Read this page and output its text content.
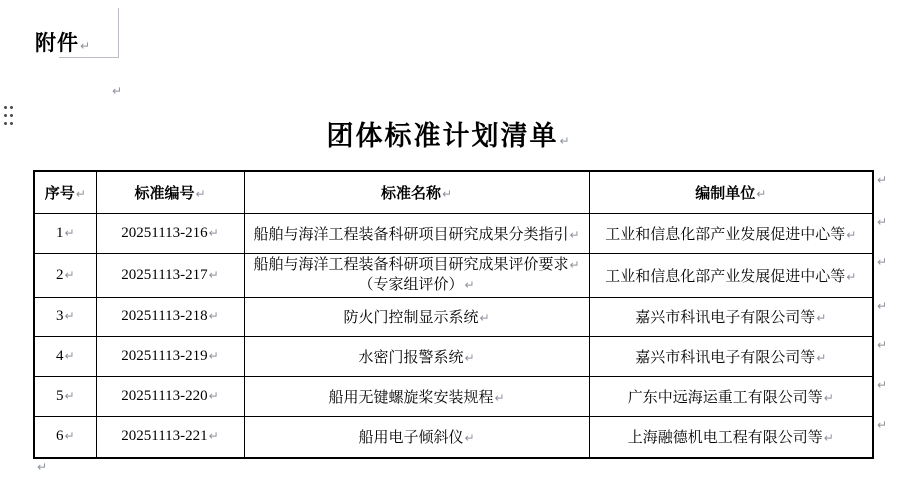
附件↵
↵
团体标准计划清单↵
序号↵	标准编号↵	标准名称↵	编制单位↵
1↵	20251113-216↵	船舶与海洋工程装备科研项目研究成果分类指引↵	工业和信息化部产业发展促进中心等↵
2↵	20251113-217↵	船舶与海洋工程装备科研项目研究成果评价要求↵
（专家组评价）↵	工业和信息化部产业发展促进中心等↵
3↵	20251113-218↵	防火门控制显示系统↵	嘉兴市科讯电子有限公司等↵
4↵	20251113-219↵	水密门报警系统↵	嘉兴市科讯电子有限公司等↵
5↵	20251113-220↵	船用无键螺旋桨安装规程↵	广东中远海运重工有限公司等↵
6↵	20251113-221↵	船用电子倾斜仪↵	上海融德机电工程有限公司等↵
↵
↵
↵
↵
↵
↵
↵
↵
